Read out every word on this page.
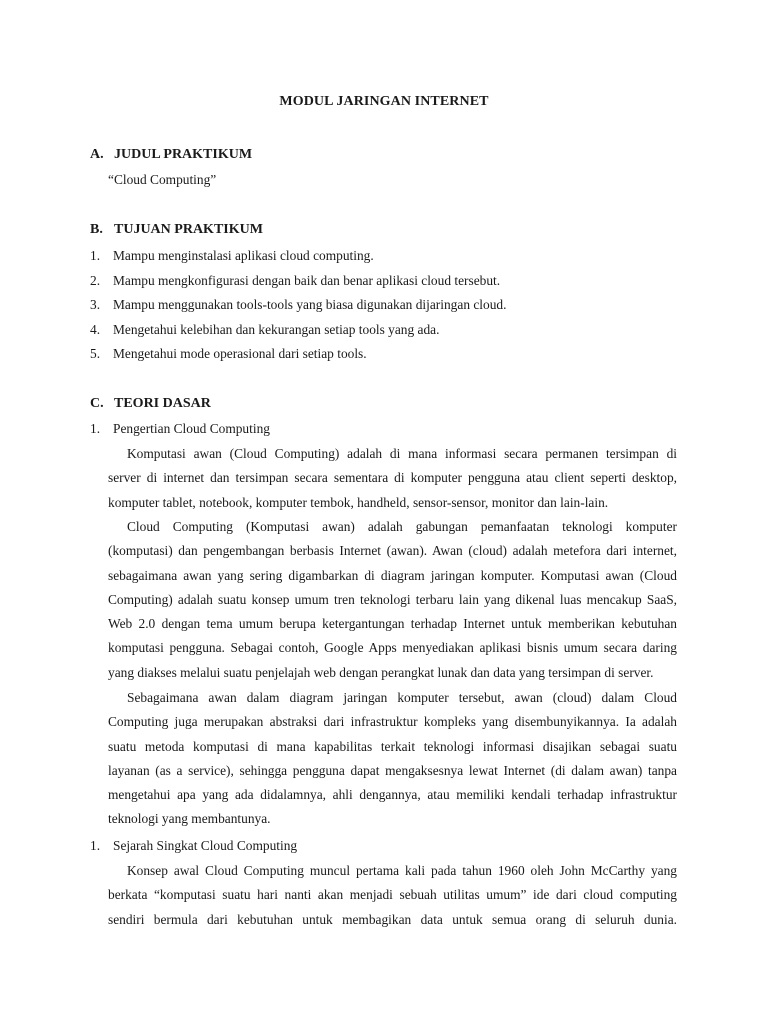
MODUL JARINGAN INTERNET
A. JUDUL PRAKTIKUM
“Cloud Computing”
B. TUJUAN PRAKTIKUM
1. Mampu menginstalasi aplikasi cloud computing.
2. Mampu mengkonfigurasi dengan baik dan benar aplikasi cloud tersebut.
3. Mampu menggunakan tools-tools yang biasa digunakan dijaringan cloud.
4. Mengetahui kelebihan dan kekurangan setiap tools yang ada.
5. Mengetahui mode operasional dari setiap tools.
C. TEORI DASAR
1. Pengertian Cloud Computing
Komputasi awan (Cloud Computing) adalah di mana informasi secara permanen tersimpan di
server di internet dan tersimpan secara sementara di komputer pengguna atau client seperti desktop,
komputer tablet, notebook, komputer tembok, handheld, sensor-sensor, monitor dan lain-lain.
Cloud Computing (Komputasi awan) adalah gabungan pemanfaatan teknologi komputer
(komputasi) dan pengembangan berbasis Internet (awan). Awan (cloud) adalah metefora dari internet,
sebagaimana awan yang sering digambarkan di diagram jaringan komputer. Komputasi awan (Cloud
Computing) adalah suatu konsep umum tren teknologi terbaru lain yang dikenal luas mencakup SaaS,
Web 2.0 dengan tema umum berupa ketergantungan terhadap Internet untuk memberikan kebutuhan
komputasi pengguna. Sebagai contoh, Google Apps menyediakan aplikasi bisnis umum secara daring
yang diakses melalui suatu penjelajah web dengan perangkat lunak dan data yang tersimpan di server.
Sebagaimana awan dalam diagram jaringan komputer tersebut, awan (cloud) dalam Cloud
Computing juga merupakan abstraksi dari infrastruktur kompleks yang disembunyikannya. Ia adalah
suatu metoda komputasi di mana kapabilitas terkait teknologi informasi disajikan sebagai suatu
layanan (as a service), sehingga pengguna dapat mengaksesnya lewat Internet (di dalam awan) tanpa
mengetahui apa yang ada didalamnya, ahli dengannya, atau memiliki kendali terhadap infrastruktur
teknologi yang membantunya.
1. Sejarah Singkat Cloud Computing
Konsep awal Cloud Computing muncul pertama kali pada tahun 1960 oleh John McCarthy yang
berkata “komputasi suatu hari nanti akan menjadi sebuah utilitas umum” ide dari cloud computing
sendiri bermula dari kebutuhan untuk membagikan data untuk semua orang di seluruh dunia.
